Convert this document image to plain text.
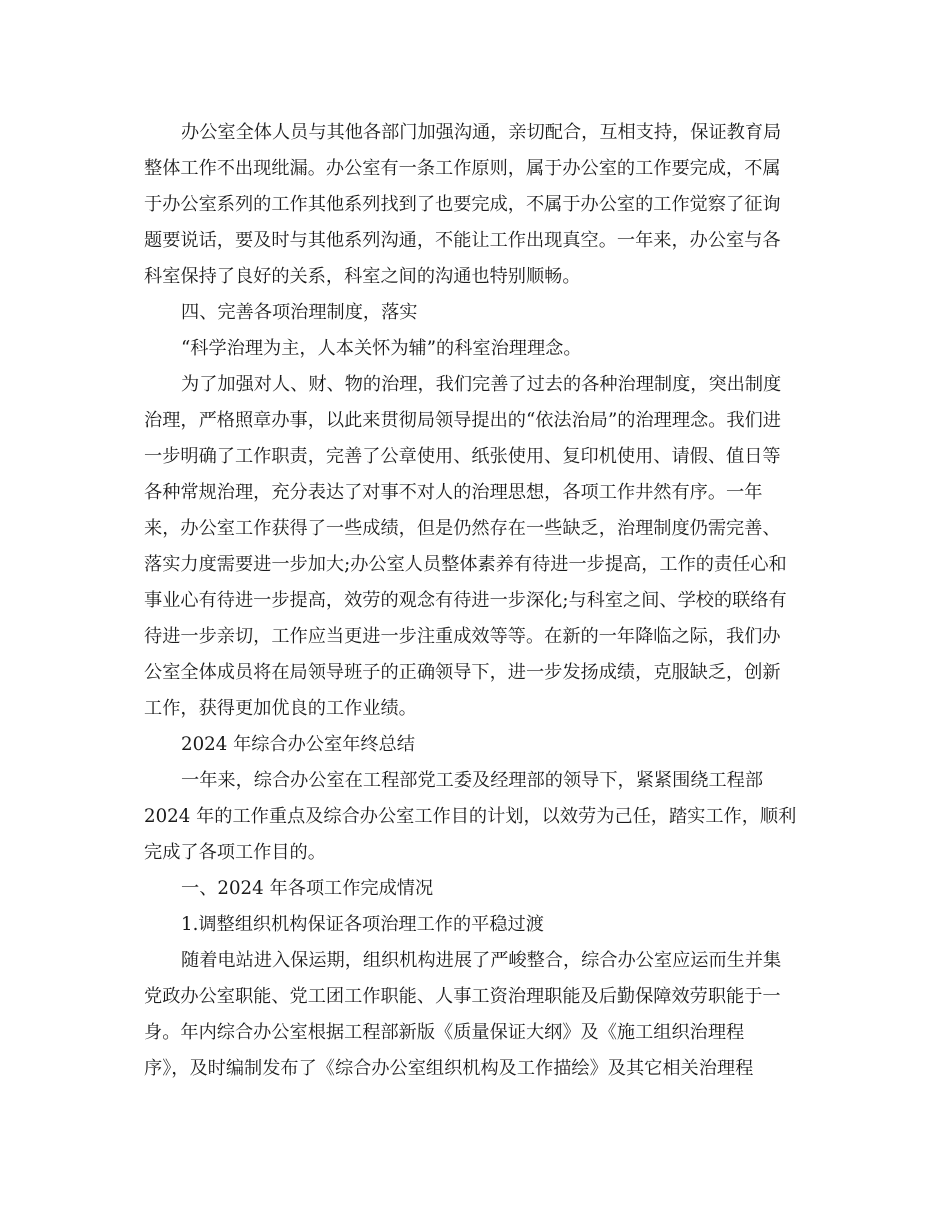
办公室全体人员与其他各部门加强沟通，亲切配合，互相支持，保证教育局

整体工作不出现纰漏。办公室有一条工作原则，属于办公室的工作要完成，不属

于办公室系列的工作其他系列找到了也要完成，不属于办公室的工作觉察了征询

题要说话，要及时与其他系列沟通，不能让工作出现真空。一年来，办公室与各

科室保持了良好的关系，科室之间的沟通也特别顺畅。

四、完善各项治理制度，落实

“科学治理为主，人本关怀为辅”的科室治理理念。

为了加强对人、财、物的治理，我们完善了过去的各种治理制度，突出制度

治理，严格照章办事，以此来贯彻局领导提出的“依法治局”的治理理念。我们进

一步明确了工作职责，完善了公章使用、纸张使用、复印机使用、请假、值日等

各种常规治理，充分表达了对事不对人的治理思想，各项工作井然有序。一年

来，办公室工作获得了一些成绩，但是仍然存在一些缺乏，治理制度仍需完善、

落实力度需要进一步加大;办公室人员整体素养有待进一步提高，工作的责任心和

事业心有待进一步提高，效劳的观念有待进一步深化;与科室之间、学校的联络有

待进一步亲切，工作应当更进一步注重成效等等。在新的一年降临之际，我们办

公室全体成员将在局领导班子的正确领导下，进一步发扬成绩，克服缺乏，创新

工作，获得更加优良的工作业绩。

2024 年综合办公室年终总结

一年来，综合办公室在工程部党工委及经理部的领导下，紧紧围绕工程部

2024 年的工作重点及综合办公室工作目的计划，以效劳为己任，踏实工作，顺利

完成了各项工作目的。

一、2024 年各项工作完成情况

1.调整组织机构保证各项治理工作的平稳过渡

随着电站进入保运期，组织机构进展了严峻整合，综合办公室应运而生并集

党政办公室职能、党工团工作职能、人事工资治理职能及后勤保障效劳职能于一

身。年内综合办公室根据工程部新版《质量保证大纲》及《施工组织治理程

序》，及时编制发布了《综合办公室组织机构及工作描绘》及其它相关治理程
